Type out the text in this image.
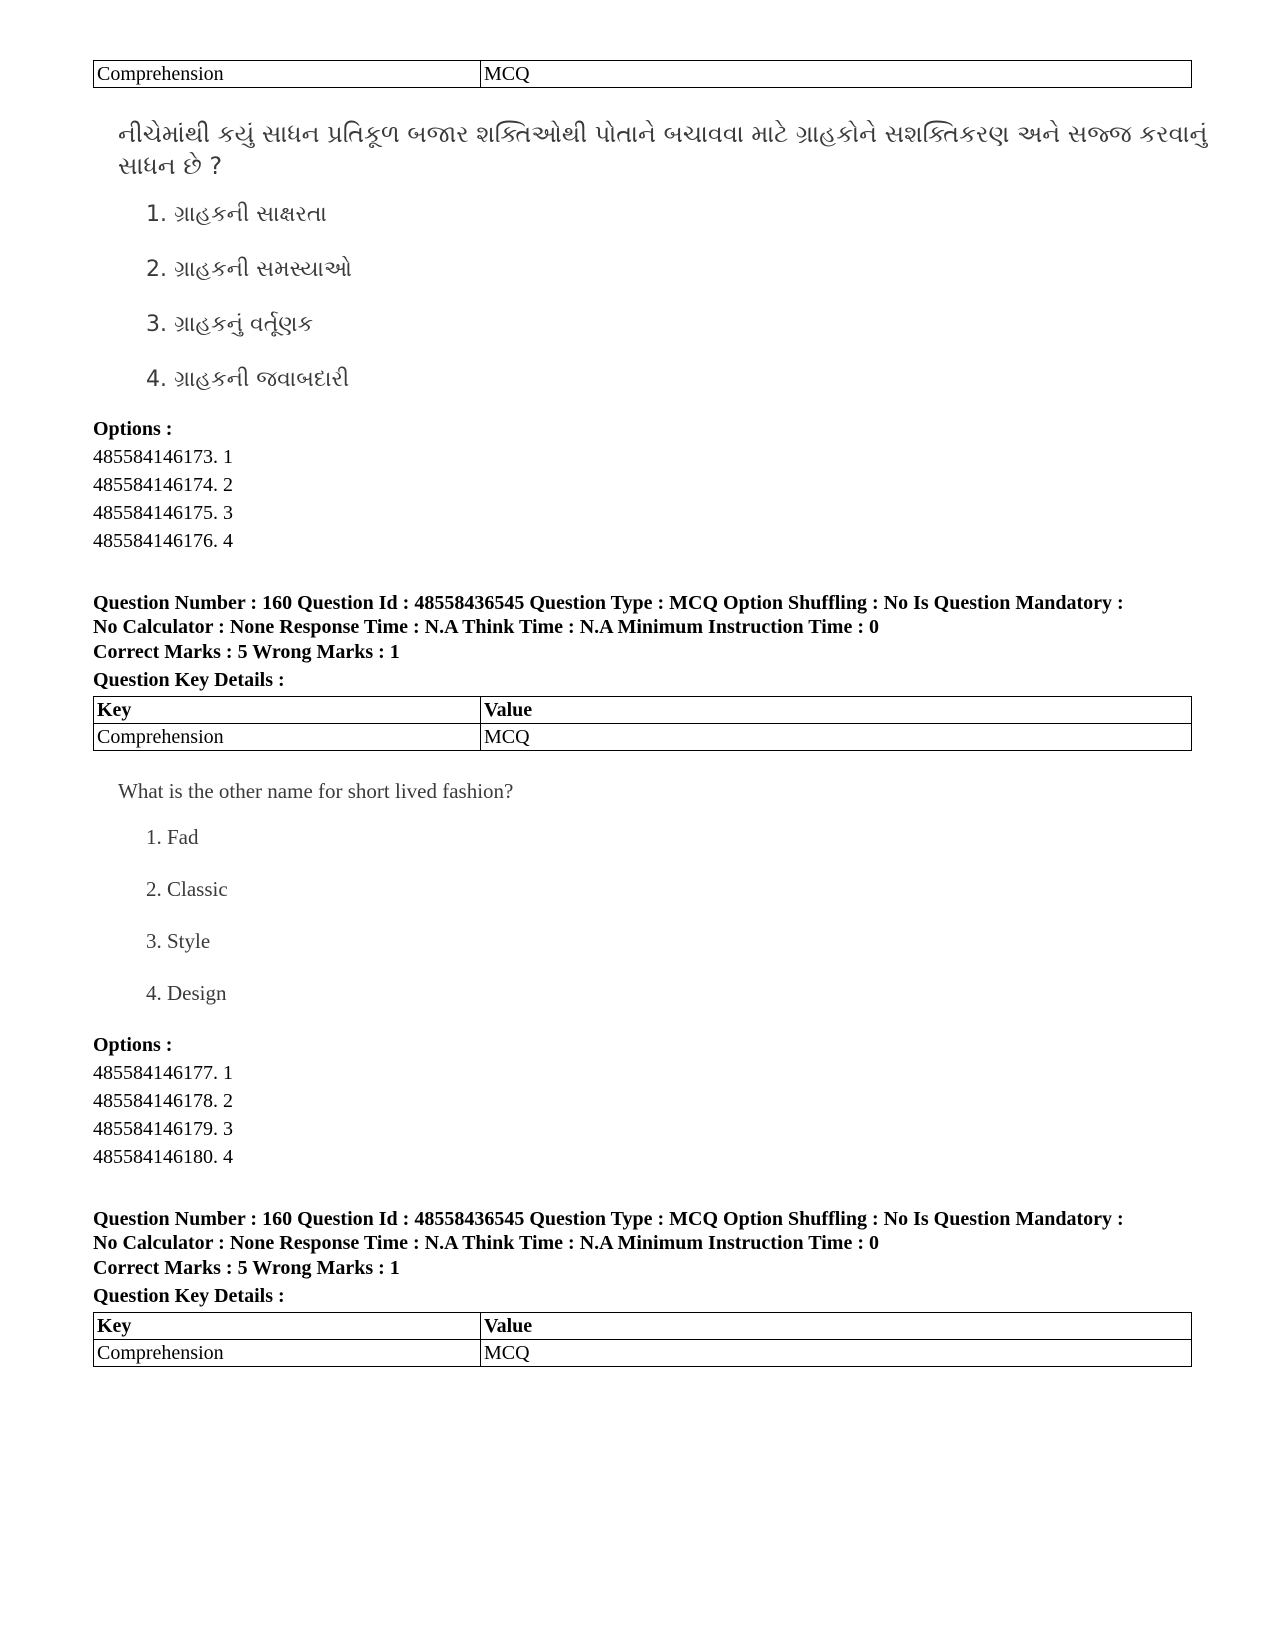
Comprehension	MCQ
નીચેમાંથી કયું સાધન પ્રતિકૂળ બજાર શક્તિઓથી પોતાને બચાવવા માટે ગ્રાહકોને સશક્તિકરણ અને સજ્જ કરવાનું
સાધન છે ?
1. ગ્રાહકની સાક્ષરતા
2. ગ્રાહકની સમસ્યાઓ
3. ગ્રાહકનું વર્તૂણક
4. ગ્રાહકની જવાબદારી
Options :
485584146173. 1
485584146174. 2
485584146175. 3
485584146176. 4
Question Number : 160 Question Id : 48558436545 Question Type : MCQ Option Shuffling : No Is Question Mandatory :
No Calculator : None Response Time : N.A Think Time : N.A Minimum Instruction Time : 0
Correct Marks : 5 Wrong Marks : 1
Question Key Details :
Key	Value
Comprehension	MCQ
What is the other name for short lived fashion?
1. Fad
2. Classic
3. Style
4. Design
Options :
485584146177. 1
485584146178. 2
485584146179. 3
485584146180. 4
Question Number : 160 Question Id : 48558436545 Question Type : MCQ Option Shuffling : No Is Question Mandatory :
No Calculator : None Response Time : N.A Think Time : N.A Minimum Instruction Time : 0
Correct Marks : 5 Wrong Marks : 1
Question Key Details :
Key	Value
Comprehension	MCQ
